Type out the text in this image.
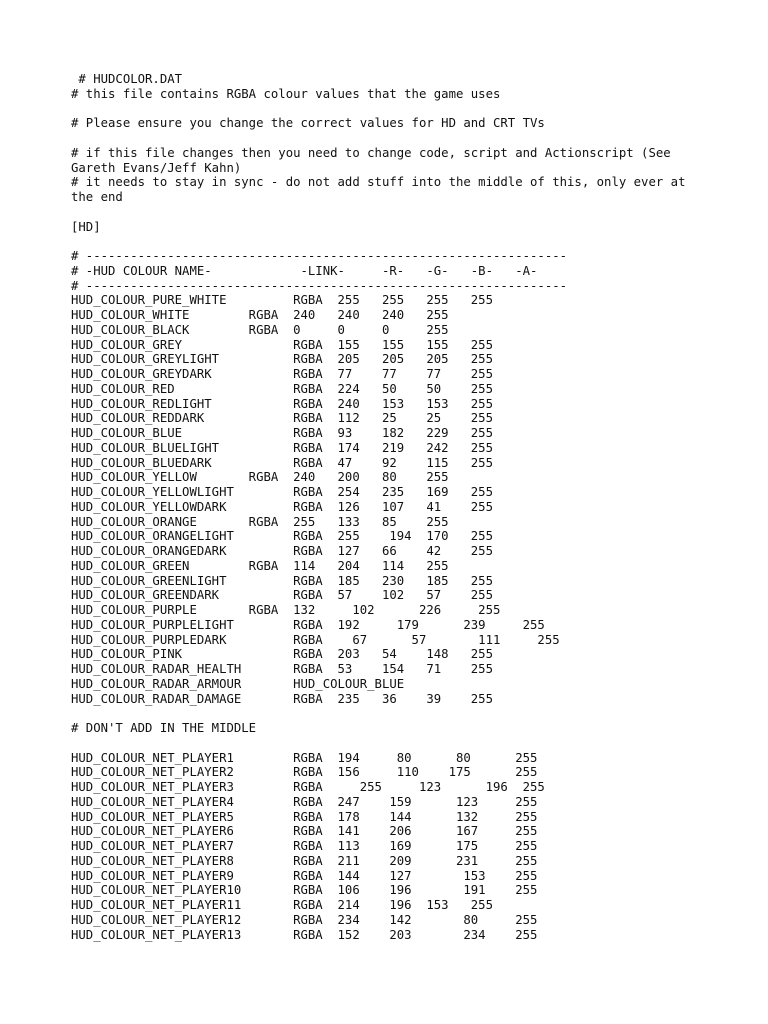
# HUDCOLOR.DAT
# this file contains RGBA colour values that the game uses
# Please ensure you change the correct values for HD and CRT TVs
# if this file changes then you need to change code, script and Actionscript (See Gareth Evans/Jeff Kahn)
# it needs to stay in sync - do not add stuff into the middle of this, only ever at the end
[HD]
# -----------------------------------------------------------------
# -HUD COLOUR NAME-            -LINK-     -R-   -G-   -B-   -A-
# -----------------------------------------------------------------
HUD_COLOUR_PURE_WHITE         RGBA  255   255   255   255
HUD_COLOUR_WHITE        RGBA  240   240   240   255
HUD_COLOUR_BLACK        RGBA  0     0     0     255
HUD_COLOUR_GREY               RGBA  155   155   155   255
HUD_COLOUR_GREYLIGHT          RGBA  205   205   205   255
HUD_COLOUR_GREYDARK           RGBA  77    77    77    255
HUD_COLOUR_RED                RGBA  224   50    50    255
HUD_COLOUR_REDLIGHT           RGBA  240   153   153   255
HUD_COLOUR_REDDARK            RGBA  112   25    25    255
HUD_COLOUR_BLUE               RGBA  93    182   229   255
HUD_COLOUR_BLUELIGHT          RGBA  174   219   242   255
HUD_COLOUR_BLUEDARK           RGBA  47    92    115   255
HUD_COLOUR_YELLOW       RGBA  240   200   80    255
HUD_COLOUR_YELLOWLIGHT        RGBA  254   235   169   255
HUD_COLOUR_YELLOWDARK         RGBA  126   107   41    255
HUD_COLOUR_ORANGE       RGBA  255   133   85    255
HUD_COLOUR_ORANGELIGHT        RGBA  255    194  170   255
HUD_COLOUR_ORANGEDARK         RGBA  127   66    42    255
HUD_COLOUR_GREEN        RGBA  114   204   114   255
HUD_COLOUR_GREENLIGHT         RGBA  185   230   185   255
HUD_COLOUR_GREENDARK          RGBA  57    102   57    255
HUD_COLOUR_PURPLE       RGBA  132     102      226     255
HUD_COLOUR_PURPLELIGHT        RGBA  192     179      239     255
HUD_COLOUR_PURPLEDARK         RGBA    67      57       111     255
HUD_COLOUR_PINK               RGBA  203   54    148   255
HUD_COLOUR_RADAR_HEALTH       RGBA  53    154   71    255
HUD_COLOUR_RADAR_ARMOUR       HUD_COLOUR_BLUE
HUD_COLOUR_RADAR_DAMAGE       RGBA  235   36    39    255
# DON'T ADD IN THE MIDDLE
HUD_COLOUR_NET_PLAYER1        RGBA  194     80      80      255
HUD_COLOUR_NET_PLAYER2        RGBA  156     110    175      255
HUD_COLOUR_NET_PLAYER3        RGBA     255     123      196  255
HUD_COLOUR_NET_PLAYER4        RGBA  247    159      123     255
HUD_COLOUR_NET_PLAYER5        RGBA  178    144      132     255
HUD_COLOUR_NET_PLAYER6        RGBA  141    206      167     255
HUD_COLOUR_NET_PLAYER7        RGBA  113    169      175     255
HUD_COLOUR_NET_PLAYER8        RGBA  211    209      231     255
HUD_COLOUR_NET_PLAYER9        RGBA  144    127       153    255
HUD_COLOUR_NET_PLAYER10       RGBA  106    196       191    255
HUD_COLOUR_NET_PLAYER11       RGBA  214    196  153   255
HUD_COLOUR_NET_PLAYER12       RGBA  234    142       80     255
HUD_COLOUR_NET_PLAYER13       RGBA  152    203       234    255
